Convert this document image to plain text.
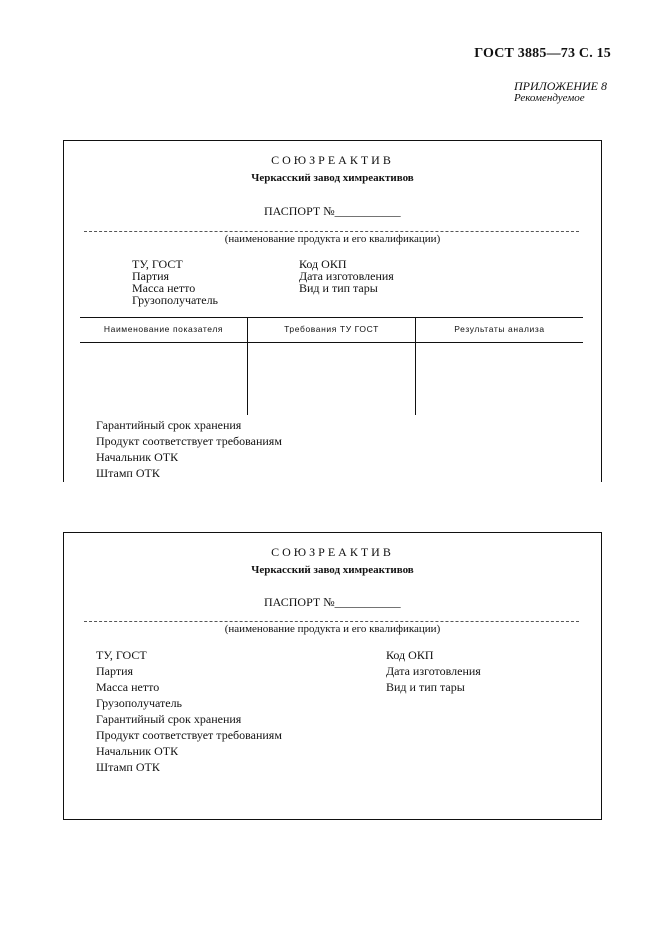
ГОСТ 3885—73 С. 15
ПРИЛОЖЕНИЕ 8
Рекомендуемое
СОЮЗРЕАКТИВ
Черкасский завод химреактивов
ПАСПОРТ №___________
(наименование продукта и его квалификации)
ТУ, ГОСТ
Партия
Масса нетто
Грузополучатель
Код ОКП
Дата изготовления
Вид и тип тары
Наименование показателя	Требования ТУ ГОСТ	Результаты анализа
Гарантийный срок хранения
Продукт соответствует требованиям
Начальник ОТК
Штамп ОТК
СОЮЗРЕАКТИВ
Черкасский завод химреактивов
ПАСПОРТ №___________
(наименование продукта и его квалификации)
ТУ, ГОСТ
Партия
Масса нетто
Грузополучатель
Гарантийный срок хранения
Продукт соответствует требованиям
Начальник ОТК
Штамп ОТК
Код ОКП
Дата изготовления
Вид и тип тары
